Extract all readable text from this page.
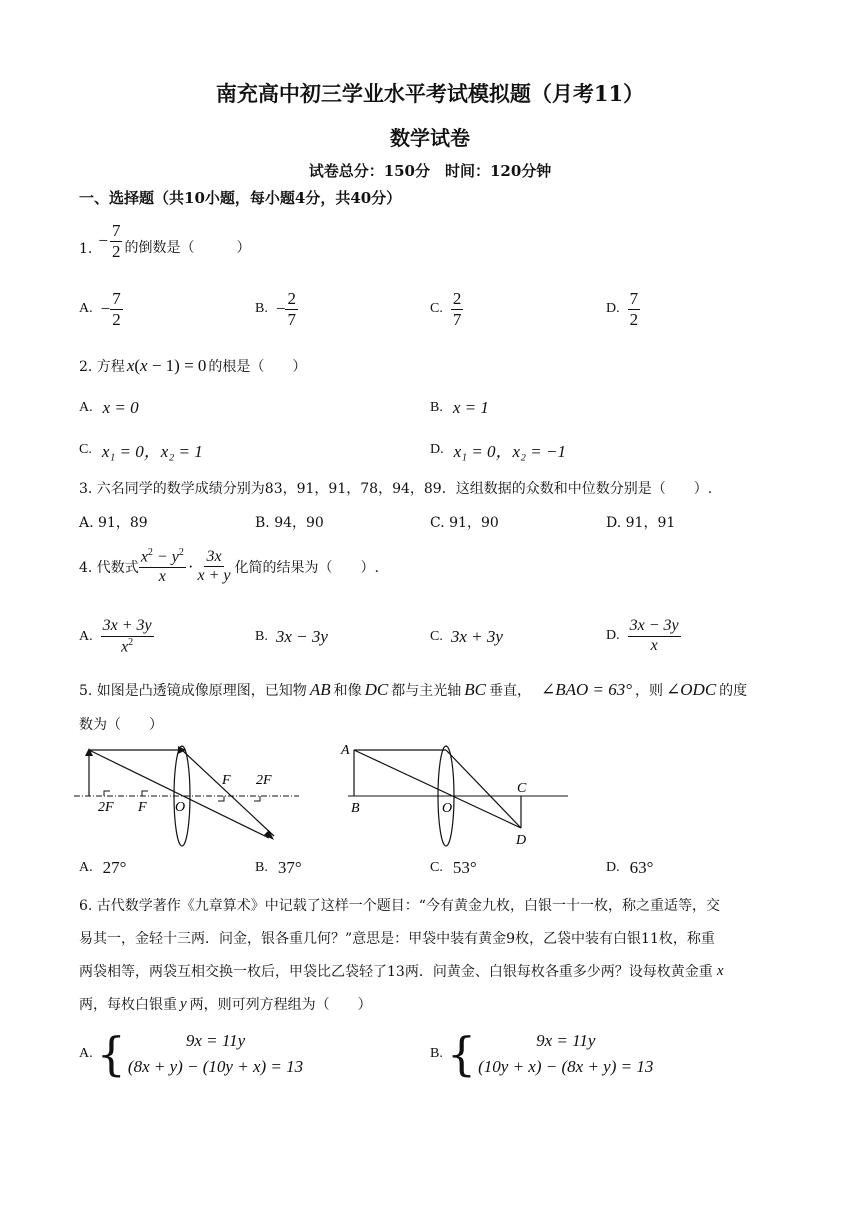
南充高中初三学业水平考试模拟题（月考11）
数学试卷
试卷总分：150分　时间：120分钟
一、选择题（共10小题，每小题4分，共40分）
1. − $\frac{7}{2}$ 的倒数是（　　　）
A. − $\frac{7}{2}$	B. − $\frac{2}{7}$	C. $\frac{2}{7}$	D. $\frac{7}{2}$
2. 方程 x(x − 1) = 0 的根是（　　）
A. x = 0	B. x = 1
C. x₁ = 0，x₂ = 1	D. x₁ = 0，x₂ = −1
3. 六名同学的数学成绩分别为83，91，91，78，94，89．这组数据的众数和中位数分别是（　　）.
A. 91，89	B. 94，90	C. 91，90	D. 91，91
4. 代数式 $\frac{x^2 - y^2}{x} \cdot \frac{3x}{x + y}$ 化简的结果为（　　）.
A. $\frac{3x + 3y}{x^2}$	B. 3x − 3y	C. 3x + 3y	D. $\frac{3x - 3y}{x}$
5. 如图是凸透镜成像原理图，已知物 AB 和像 DC 都与主光轴 BC 垂直， ∠BAO = 63° ，则 ∠ODC 的度
数为（　　）
2F F
F 2F
O
A
B	O
C
D
A. 27°	B. 37°	C. 53°	D. 63°
6. 古代数学著作《九章算术》中记载了这样一个题目：“今有黄金九枚，白银一十一枚，称之重适等，交
易其一，金轻十三两．问金，银各重几何？”意思是：甲袋中装有黄金9枚，乙袋中装有白银11枚，称重
两袋相等，两袋互相交换一枚后，甲袋比乙袋轻了13两．问黄金、白银每枚各重多少两？设每枚黄金重 x
两，每枚白银重 y 两，则可列方程组为（　　）
A. {	9x = 11y
(8x + y) − (10y + x) = 13
B. {	9x = 11y
(10y + x) − (8x + y) = 13
